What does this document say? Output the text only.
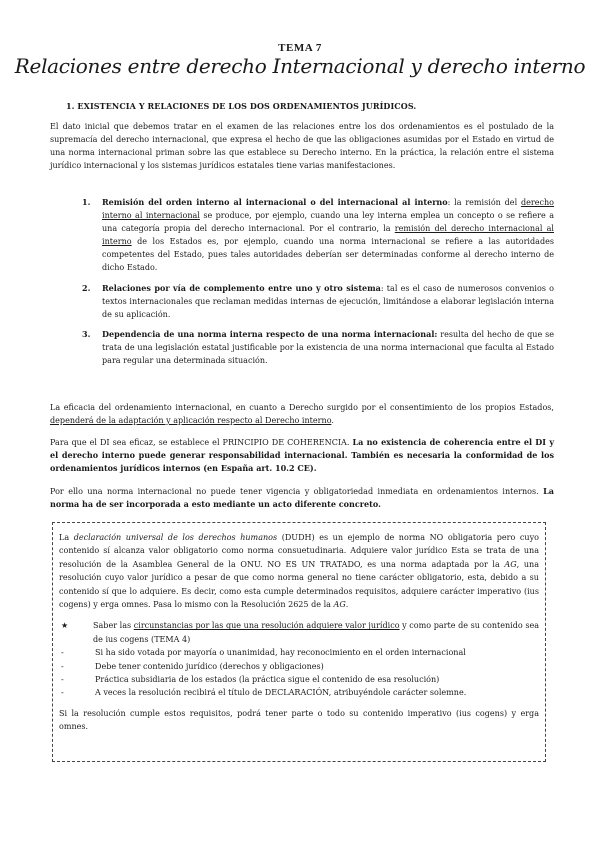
TEMA 7
Relaciones entre derecho Internacional y derecho interno
1. EXISTENCIA Y RELACIONES DE LOS DOS ORDENAMIENTOS JURÍDICOS.

El dato inicial que debemos tratar en el examen de las relaciones entre los dos ordenamientos es el postulado de la supremacía del derecho internacional, que expresa el hecho de que las obligaciones asumidas por el Estado en virtud de una norma internacional priman sobre las que establece su Derecho interno. En la práctica, la relación entre el sistema jurídico internacional y los sistemas jurídicos estatales tiene varias manifestaciones.

1. Remisión del orden interno al internacional o del internacional al interno: la remisión del derecho interno al internacional se produce, por ejemplo, cuando una ley interna emplea un concepto o se refiere a una categoría propia del derecho internacional. Por el contrario, la remisión del derecho internacional al interno de los Estados es, por ejemplo, cuando una norma internacional se refiere a las autoridades competentes del Estado, pues tales autoridades deberían ser determinadas conforme al derecho interno de dicho Estado.
2. Relaciones por vía de complemento entre uno y otro sistema: tal es el caso de numerosos convenios o textos internacionales que reclaman medidas internas de ejecución, limitándose a elaborar legislación interna de su aplicación.
3. Dependencia de una norma interna respecto de una norma internacional: resulta del hecho de que se trata de una legislación estatal justificable por la existencia de una norma internacional que faculta al Estado para regular una determinada situación.

La eficacia del ordenamiento internacional, en cuanto a Derecho surgido por el consentimiento de los propios Estados, dependerá de la adaptación y aplicación respecto al Derecho interno.

Para que el DI sea eficaz, se establece el PRINCIPIO DE COHERENCIA. La no existencia de coherencia entre el DI y el derecho interno puede generar responsabilidad internacional. También es necesaria la conformidad de los ordenamientos jurídicos internos (en España art. 10.2 CE).

Por ello una norma internacional no puede tener vigencia y obligatoriedad inmediata en ordenamientos internos. La norma ha de ser incorporada a esto mediante un acto diferente concreto.

La declaración universal de los derechos humanos (DUDH) es un ejemplo de norma NO obligatoria pero cuyo contenido sí alcanza valor obligatorio como norma consuetudinaria. Adquiere valor jurídico Esta se trata de una resolución de la Asamblea General de la ONU. NO ES UN TRATADO, es una norma adaptada por la AG, una resolución cuyo valor jurídico a pesar de que como norma general no tiene carácter obligatorio, esta, debido a su contenido sí que lo adquiere. Es decir, como esta cumple determinados requisitos, adquiere carácter imperativo (ius cogens) y erga omnes. Pasa lo mismo con la Resolución 2625 de la AG.

★	Saber las circunstancias por las que una resolución adquiere valor jurídico y como parte de su contenido sea de ius cogens (TEMA 4)

-	Si ha sido votada por mayoría o unanimidad, hay reconocimiento en el orden internacional
-	Debe tener contenido jurídico (derechos y obligaciones)
-	Práctica subsidiaria de los estados (la práctica sigue el contenido de esa resolución)
-	A veces la resolución recibirá el título de DECLARACIÓN, atribuyéndole carácter solemne.

Si la resolución cumple estos requisitos, podrá tener parte o todo su contenido imperativo (ius cogens) y erga omnes.
